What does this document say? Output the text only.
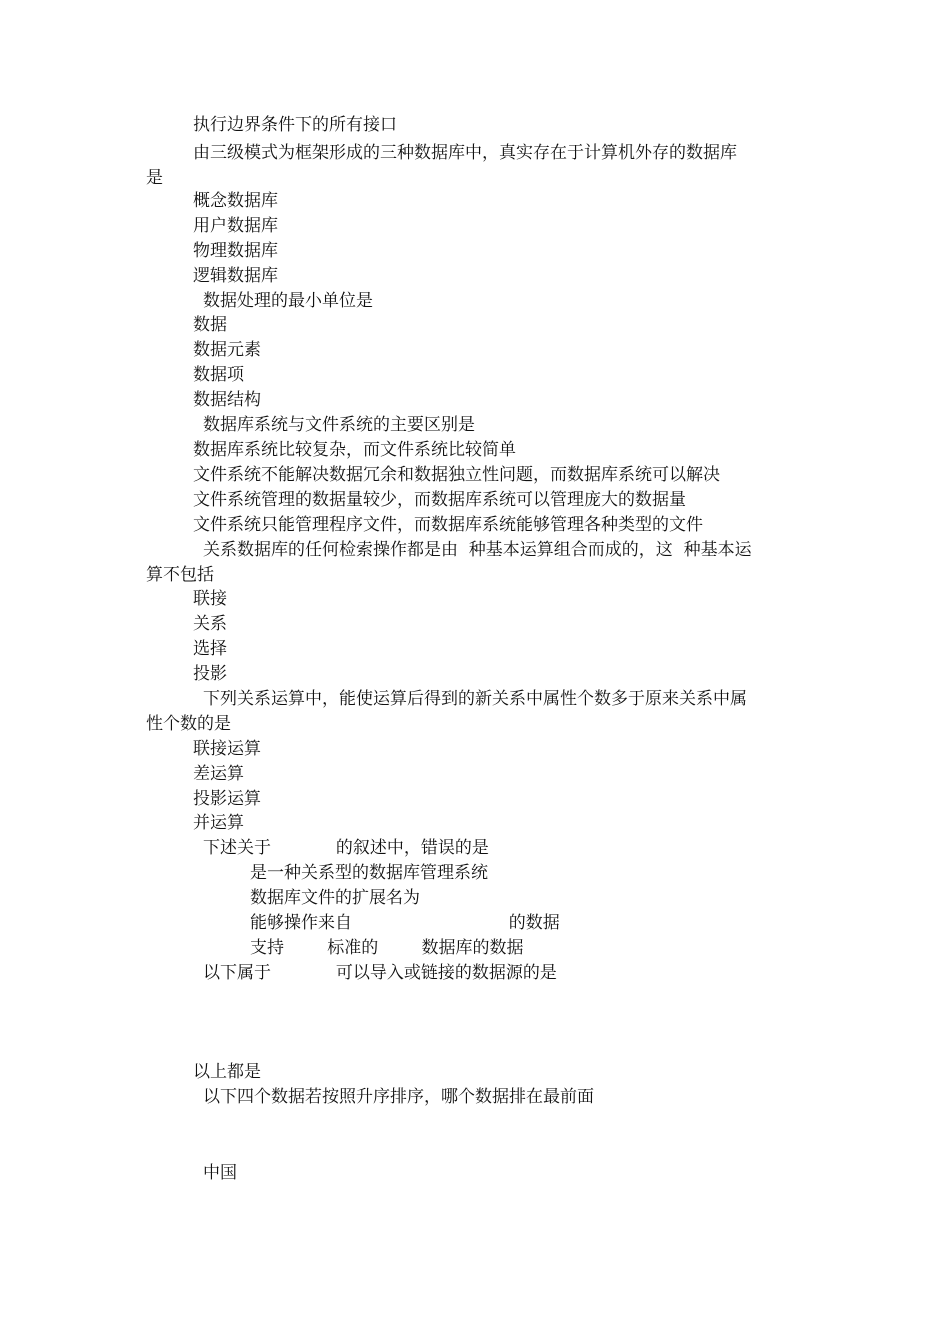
执行边界条件下的所有接口
由三级模式为框架形成的三种数据库中，真实存在于计算机外存的数据库
是
概念数据库
用户数据库
物理数据库
逻辑数据库
数据处理的最小单位是
数据
数据元素
数据项
数据结构
数据库系统与文件系统的主要区别是
数据库系统比较复杂，而文件系统比较简单
文件系统不能解决数据冗余和数据独立性问题，而数据库系统可以解决
文件系统管理的数据量较少，而数据库系统可以管理庞大的数据量
文件系统只能管理程序文件，而数据库系统能够管理各种类型的文件
关系数据库的任何检索操作都是由  种基本运算组合而成的，这  种基本运
算不包括
联接
关系
选择
投影
下列关系运算中，能使运算后得到的新关系中属性个数多于原来关系中属
性个数的是
联接运算
差运算
投影运算
并运算
下述关于            的叙述中，错误的是
是一种关系型的数据库管理系统
数据库文件的扩展名为
能够操作来自                             的数据
支持        标准的        数据库的数据
以下属于            可以导入或链接的数据源的是
以上都是
以下四个数据若按照升序排序，哪个数据排在最前面
中国
